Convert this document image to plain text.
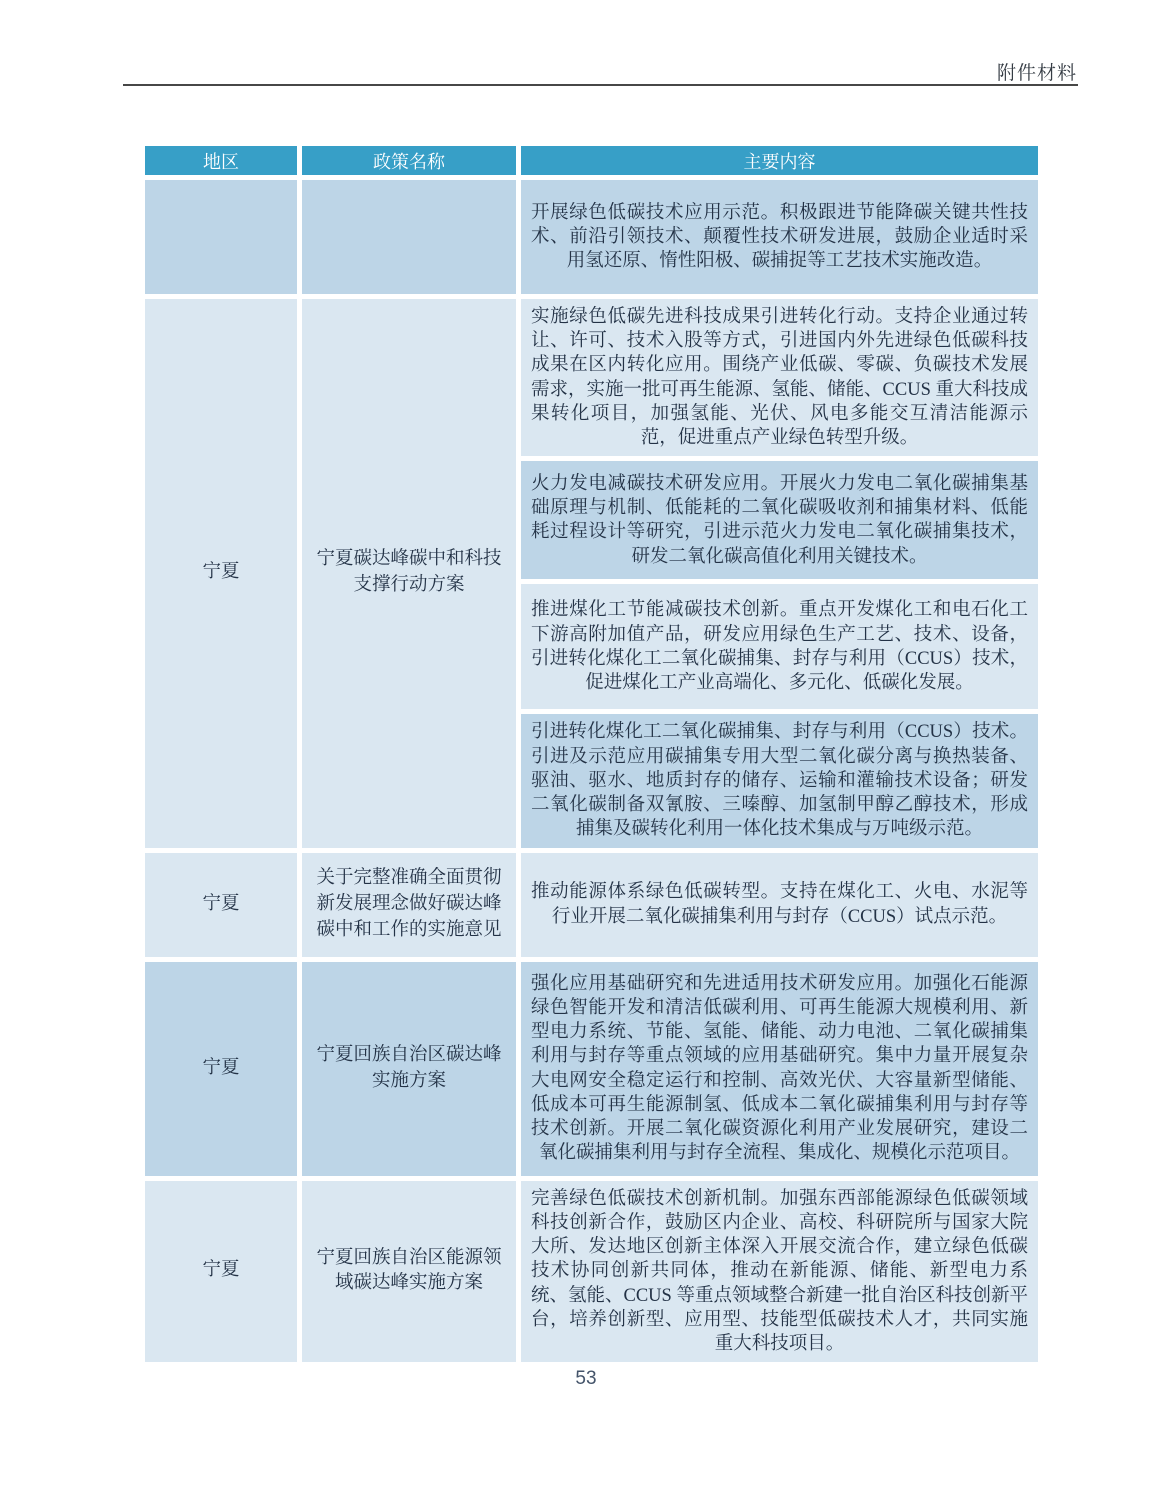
附件材料
地区	政策名称	主要内容
		开展绿色低碳技术应用示范。积极跟进节能降碳关键共性技术、前沿引领技术、颠覆性技术研发进展，鼓励企业适时采用氢还原、惰性阳极、碳捕捉等工艺技术实施改造。
宁夏	宁夏碳达峰碳中和科技支撑行动方案	实施绿色低碳先进科技成果引进转化行动。支持企业通过转让、许可、技术入股等方式，引进国内外先进绿色低碳科技成果在区内转化应用。围绕产业低碳、零碳、负碳技术发展需求，实施一批可再生能源、氢能、储能、CCUS 重大科技成果转化项目，加强氢能、光伏、风电多能交互清洁能源示范，促进重点产业绿色转型升级。
		火力发电减碳技术研发应用。开展火力发电二氧化碳捕集基础原理与机制、低能耗的二氧化碳吸收剂和捕集材料、低能耗过程设计等研究，引进示范火力发电二氧化碳捕集技术，研发二氧化碳高值化利用关键技术。
		推进煤化工节能减碳技术创新。重点开发煤化工和电石化工下游高附加值产品，研发应用绿色生产工艺、技术、设备，引进转化煤化工二氧化碳捕集、封存与利用（CCUS）技术，促进煤化工产业高端化、多元化、低碳化发展。
		引进转化煤化工二氧化碳捕集、封存与利用（CCUS）技术。引进及示范应用碳捕集专用大型二氧化碳分离与换热装备、驱油、驱水、地质封存的储存、运输和灌输技术设备；研发二氧化碳制备双氰胺、三嗪醇、加氢制甲醇乙醇技术，形成捕集及碳转化利用一体化技术集成与万吨级示范。
宁夏	关于完整准确全面贯彻新发展理念做好碳达峰碳中和工作的实施意见	推动能源体系绿色低碳转型。支持在煤化工、火电、水泥等行业开展二氧化碳捕集利用与封存（CCUS）试点示范。
宁夏	宁夏回族自治区碳达峰实施方案	强化应用基础研究和先进适用技术研发应用。加强化石能源绿色智能开发和清洁低碳利用、可再生能源大规模利用、新型电力系统、节能、氢能、储能、动力电池、二氧化碳捕集利用与封存等重点领域的应用基础研究。集中力量开展复杂大电网安全稳定运行和控制、高效光伏、大容量新型储能、低成本可再生能源制氢、低成本二氧化碳捕集利用与封存等技术创新。开展二氧化碳资源化利用产业发展研究，建设二氧化碳捕集利用与封存全流程、集成化、规模化示范项目。
宁夏	宁夏回族自治区能源领域碳达峰实施方案	完善绿色低碳技术创新机制。加强东西部能源绿色低碳领域科技创新合作，鼓励区内企业、高校、科研院所与国家大院大所、发达地区创新主体深入开展交流合作，建立绿色低碳技术协同创新共同体，推动在新能源、储能、新型电力系统、氢能、CCUS 等重点领域整合新建一批自治区科技创新平台，培养创新型、应用型、技能型低碳技术人才，共同实施重大科技项目。
53
